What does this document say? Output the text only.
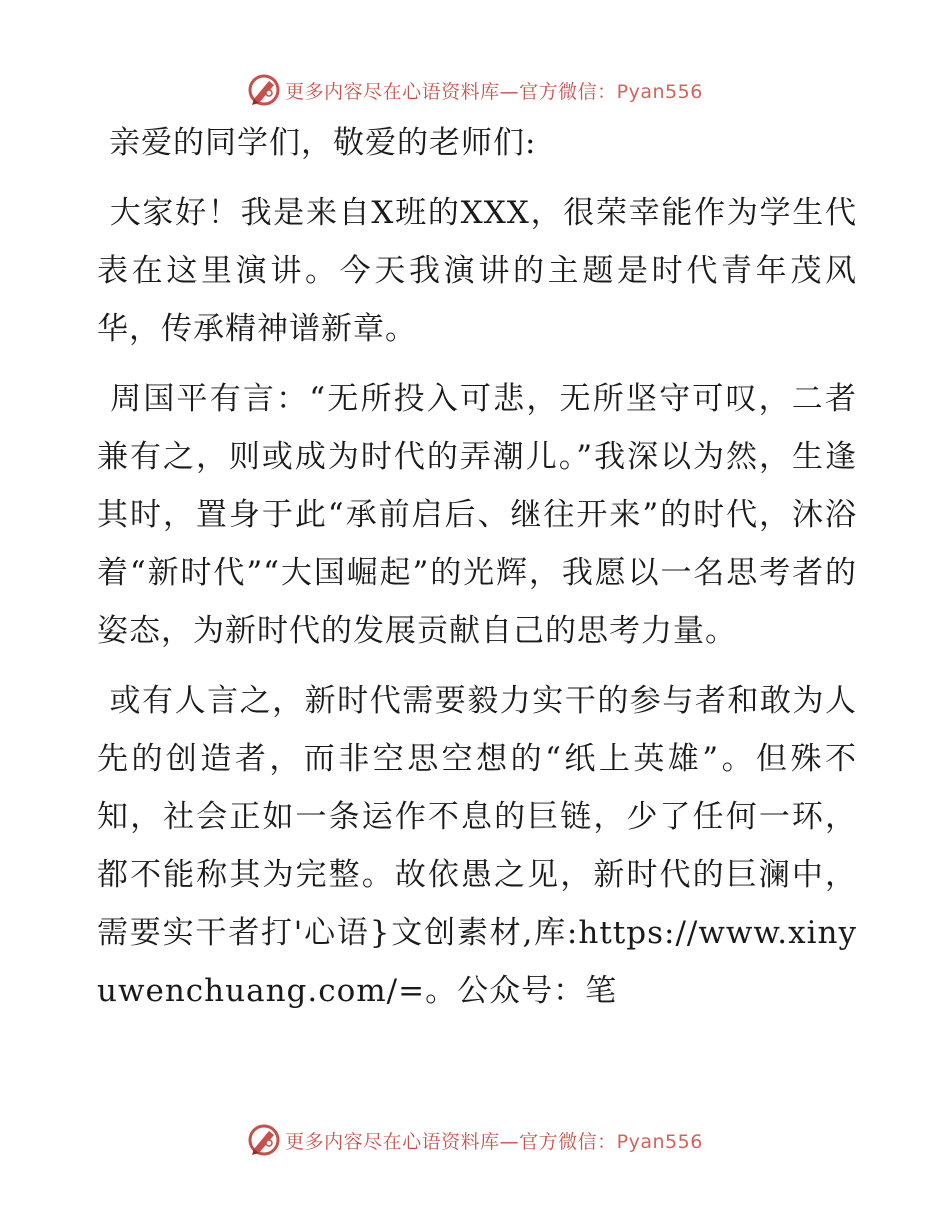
更多内容尽在心语资料库—官方微信：Pyan556

亲爱的同学们，敬爱的老师们:

大家好！我是来自X班的XXX，很荣幸能作为学生代表在这里演讲。今天我演讲的主题是时代青年茂风华，传承精神谱新章。

周国平有言：“无所投入可悲，无所坚守可叹，二者兼有之，则或成为时代的弄潮儿。”我深以为然，生逢其时，置身于此“承前启后、继往开来”的时代，沐浴着“新时代”“大国崛起”的光辉，我愿以一名思考者的姿态，为新时代的发展贡献自己的思考力量。

或有人言之，新时代需要毅力实干的参与者和敢为人先的创造者，而非空思空想的“纸上英雄”。但殊不知，社会正如一条运作不息的巨链，少了任何一环，都不能称其为完整。故依愚之见，新时代的巨澜中，需要实干者打'心语}文创素材,库:https://www.xinyuwenchuang.com/=。公众号：笔

更多内容尽在心语资料库—官方微信：Pyan556
